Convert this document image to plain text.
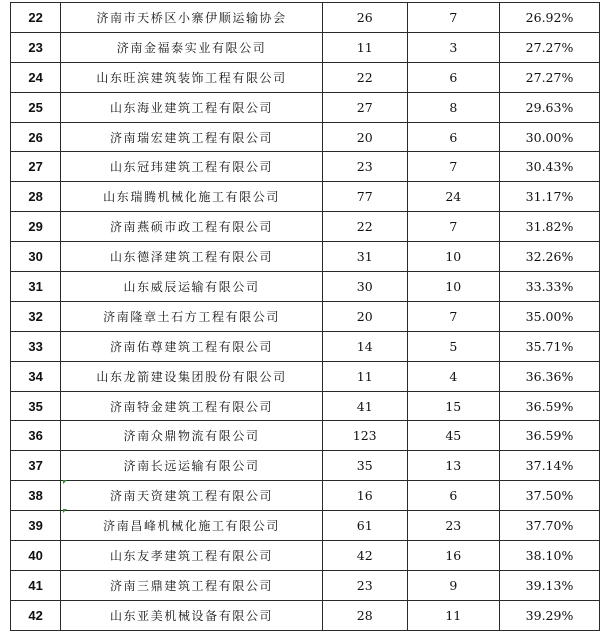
22	济南市天桥区小寨伊顺运输协会	26	7	26.92%
23	济南金福泰实业有限公司	11	3	27.27%
24	山东旺滨建筑装饰工程有限公司	22	6	27.27%
25	山东海业建筑工程有限公司	27	8	29.63%
26	济南瑞宏建筑工程有限公司	20	6	30.00%
27	山东冠玮建筑工程有限公司	23	7	30.43%
28	山东瑞腾机械化施工有限公司	77	24	31.17%
29	济南燕硕市政工程有限公司	22	7	31.82%
30	山东德泽建筑工程有限公司	31	10	32.26%
31	山东威辰运输有限公司	30	10	33.33%
32	济南隆章土石方工程有限公司	20	7	35.00%
33	济南佑尊建筑工程有限公司	14	5	35.71%
34	山东龙箭建设集团股份有限公司	11	4	36.36%
35	济南特金建筑工程有限公司	41	15	36.59%
36	济南众鼎物流有限公司	123	45	36.59%
37	济南长远运输有限公司	35	13	37.14%
38	济南天资建筑工程有限公司	16	6	37.50%
39	济南昌峰机械化施工有限公司	61	23	37.70%
40	山东友孝建筑工程有限公司	42	16	38.10%
41	济南三鼎建筑工程有限公司	23	9	39.13%
42	山东亚美机械设备有限公司	28	11	39.29%
